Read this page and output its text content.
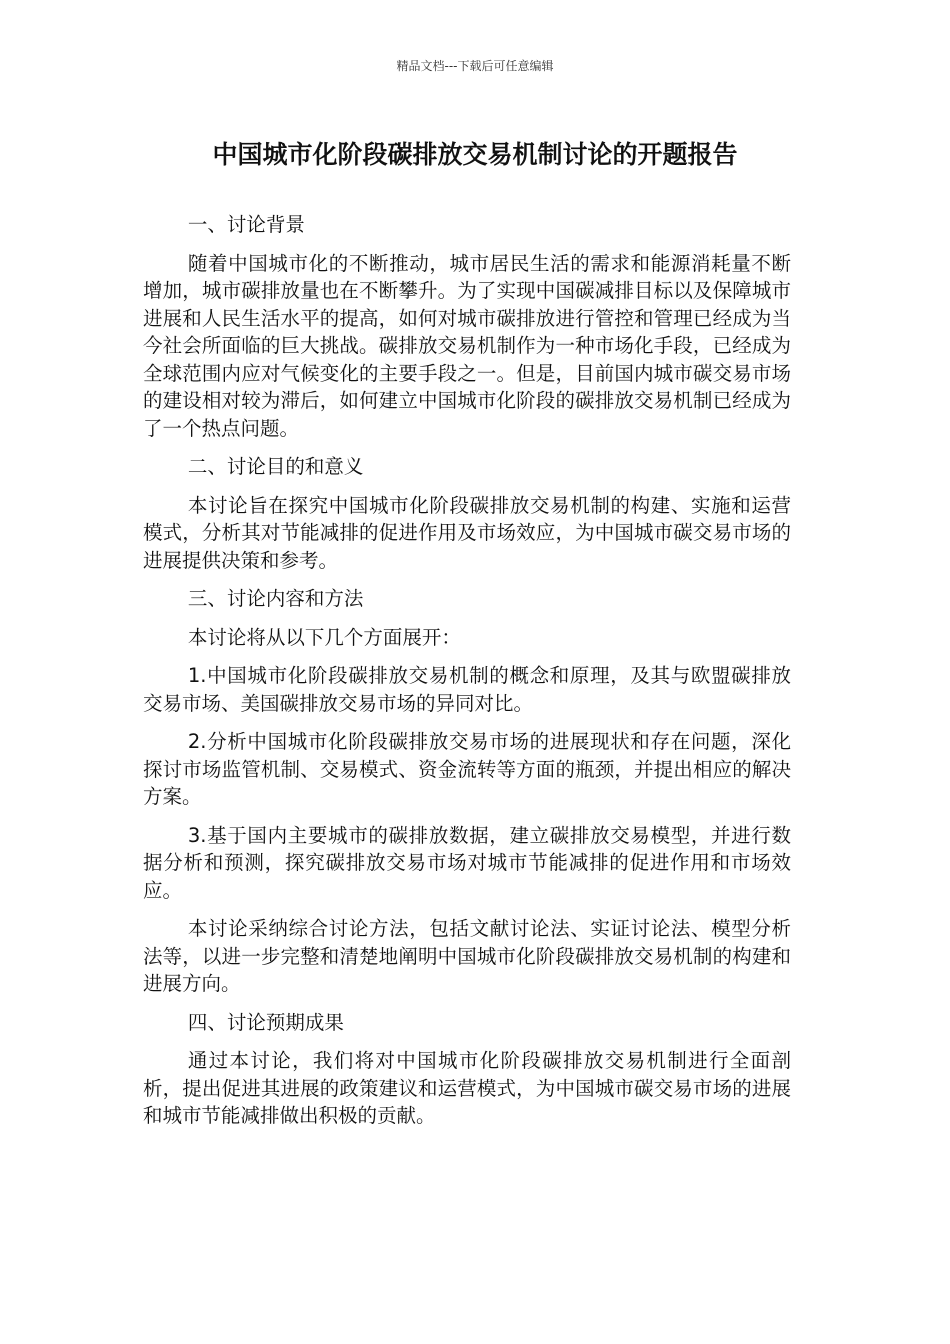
精品文档---下载后可任意编辑
中国城市化阶段碳排放交易机制讨论的开题报告

一、讨论背景

随着中国城市化的不断推动，城市居民生活的需求和能源消耗量不断增加，城市碳排放量也在不断攀升。为了实现中国碳减排目标以及保障城市进展和人民生活水平的提高，如何对城市碳排放进行管控和管理已经成为当今社会所面临的巨大挑战。碳排放交易机制作为一种市场化手段，已经成为全球范围内应对气候变化的主要手段之一。但是，目前国内城市碳交易市场的建设相对较为滞后，如何建立中国城市化阶段的碳排放交易机制已经成为了一个热点问题。

二、讨论目的和意义

本讨论旨在探究中国城市化阶段碳排放交易机制的构建、实施和运营模式，分析其对节能减排的促进作用及市场效应，为中国城市碳交易市场的进展提供决策和参考。

三、讨论内容和方法

本讨论将从以下几个方面展开：

1.中国城市化阶段碳排放交易机制的概念和原理，及其与欧盟碳排放交易市场、美国碳排放交易市场的异同对比。

2.分析中国城市化阶段碳排放交易市场的进展现状和存在问题，深化探讨市场监管机制、交易模式、资金流转等方面的瓶颈，并提出相应的解决方案。

3.基于国内主要城市的碳排放数据，建立碳排放交易模型，并进行数据分析和预测，探究碳排放交易市场对城市节能减排的促进作用和市场效应。

本讨论采纳综合讨论方法，包括文献讨论法、实证讨论法、模型分析法等，以进一步完整和清楚地阐明中国城市化阶段碳排放交易机制的构建和进展方向。

四、讨论预期成果

通过本讨论，我们将对中国城市化阶段碳排放交易机制进行全面剖析，提出促进其进展的政策建议和运营模式，为中国城市碳交易市场的进展和城市节能减排做出积极的贡献。
